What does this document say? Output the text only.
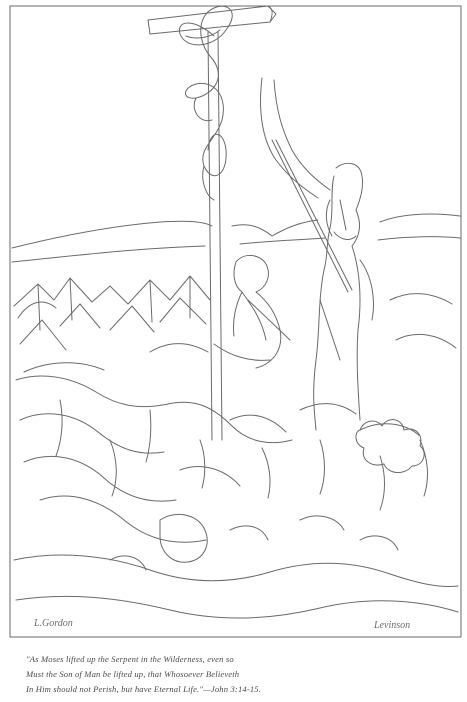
L.Gordon	Levinson
"As Moses lifted up the Serpent in the Wilderness, even so
Must the Son of Man be lifted up, that Whosoever Believeth
In Him should not Perish, but have Eternal Life."—John 3:14-15.
